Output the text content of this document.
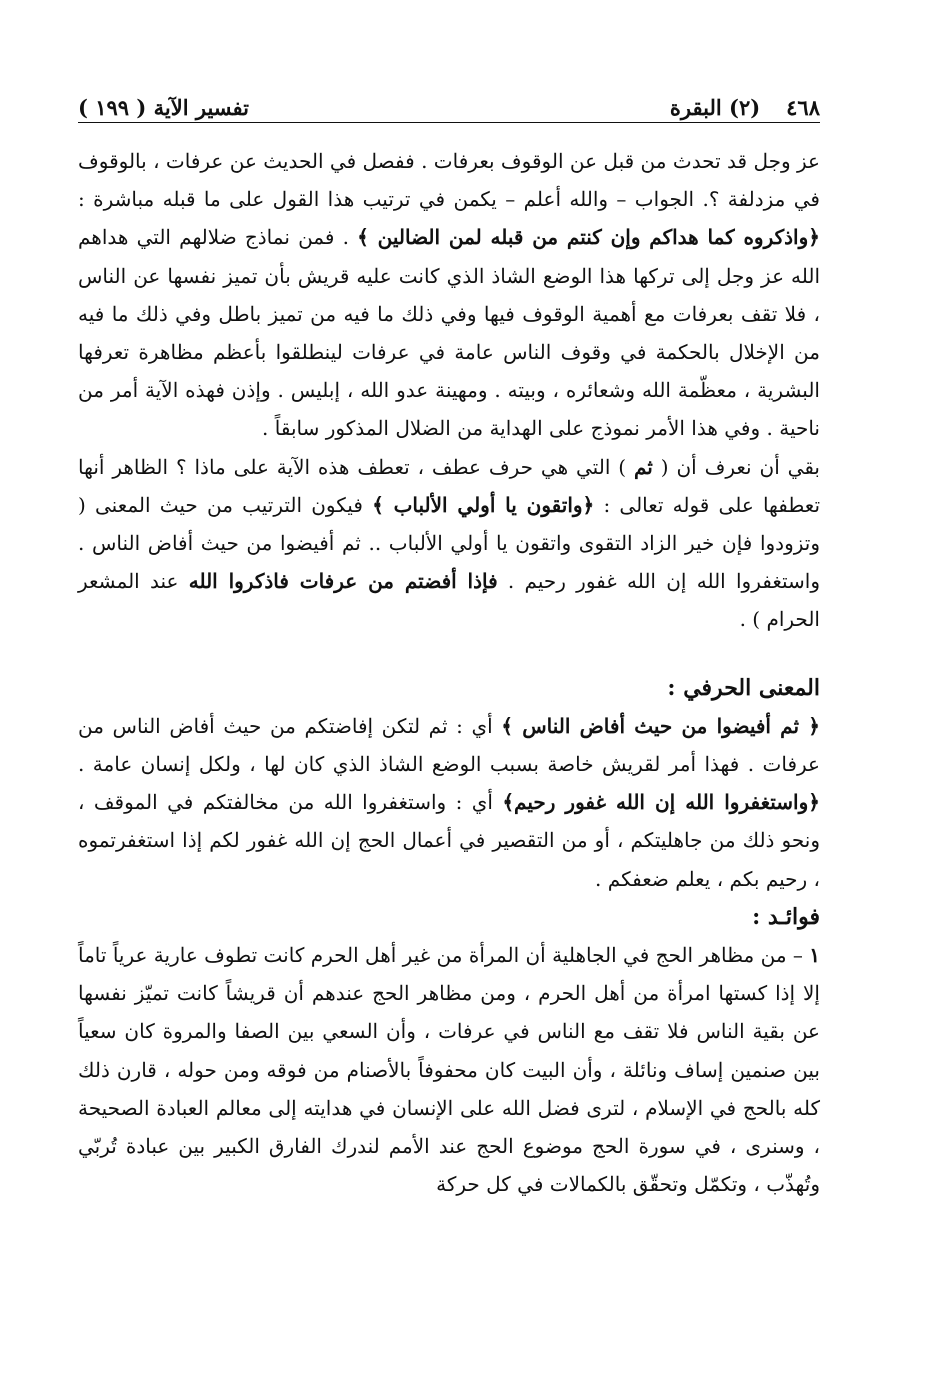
٤٦٨
(٢) البقرة
تفسير الآية ( ١٩٩ )

عز وجل قد تحدث من قبل عن الوقوف بعرفات . ففصل في الحديث عن عرفات ، بالوقوف في مزدلفة ؟. الجواب – والله أعلم – يكمن في ترتيب هذا القول على ما قبله مباشرة : ﴿واذكروه كما هداكم وإن كنتم من قبله لمن الضالين ﴾ . فمن نماذج ضلالهم التي هداهم الله عز وجل إلى تركها هذا الوضع الشاذ الذي كانت عليه قريش بأن تميز نفسها عن الناس ، فلا تقف بعرفات مع أهمية الوقوف فيها وفي ذلك ما فيه من تميز باطل وفي ذلك ما فيه من الإخلال بالحكمة في وقوف الناس عامة في عرفات لينطلقوا بأعظم مظاهرة تعرفها البشرية ، معظّمة الله وشعائره ، وبيته . ومهينة عدو الله ، إبليس . وإذن فهذه الآية أمر من ناحية . وفي هذا الأمر نموذج على الهداية من الضلال المذكور سابقاً .

بقي أن نعرف أن ( ثم ) التي هي حرف عطف ، تعطف هذه الآية على ماذا ؟ الظاهر أنها تعطفها على قوله تعالى : ﴿واتقون يا أولي الألباب ﴾ فيكون الترتيب من حيث المعنى ( وتزودوا فإن خير الزاد التقوى واتقون يا أولي الألباب .. ثم أفيضوا من حيث أفاض الناس . واستغفروا الله إن الله غفور رحيم . فإذا أفضتم من عرفات فاذكروا الله عند المشعر الحرام ) .

المعنى الحرفي :

﴿ ثم أفيضوا من حيث أفاض الناس ﴾ أي : ثم لتكن إفاضتكم من حيث أفاض الناس من عرفات . فهذا أمر لقريش خاصة بسبب الوضع الشاذ الذي كان لها ، ولكل إنسان عامة . ﴿واستغفروا الله إن الله غفور رحيم﴾ أي : واستغفروا الله من مخالفتكم في الموقف ، ونحو ذلك من جاهليتكم ، أو من التقصير في أعمال الحج إن الله غفور لكم إذا استغفرتموه ، رحيم بكم ، يعلم ضعفكم .

فوائـد :

١ – من مظاهر الحج في الجاهلية أن المرأة من غير أهل الحرم كانت تطوف عارية عرياً تاماً إلا إذا كستها امرأة من أهل الحرم ، ومن مظاهر الحج عندهم أن قريشاً كانت تميّز نفسها عن بقية الناس فلا تقف مع الناس في عرفات ، وأن السعي بين الصفا والمروة كان سعياً بين صنمين إساف ونائلة ، وأن البيت كان محفوفاً بالأصنام من فوقه ومن حوله ، قارن ذلك كله بالحج في الإسلام ، لترى فضل الله على الإنسان في هدايته إلى معالم العبادة الصحيحة ، وسنرى ، في سورة الحج موضوع الحج عند الأمم لندرك الفارق الكبير بين عبادة تُربّي وتُهذّب ، وتكمّل وتحقّق بالكمالات في كل حركة
